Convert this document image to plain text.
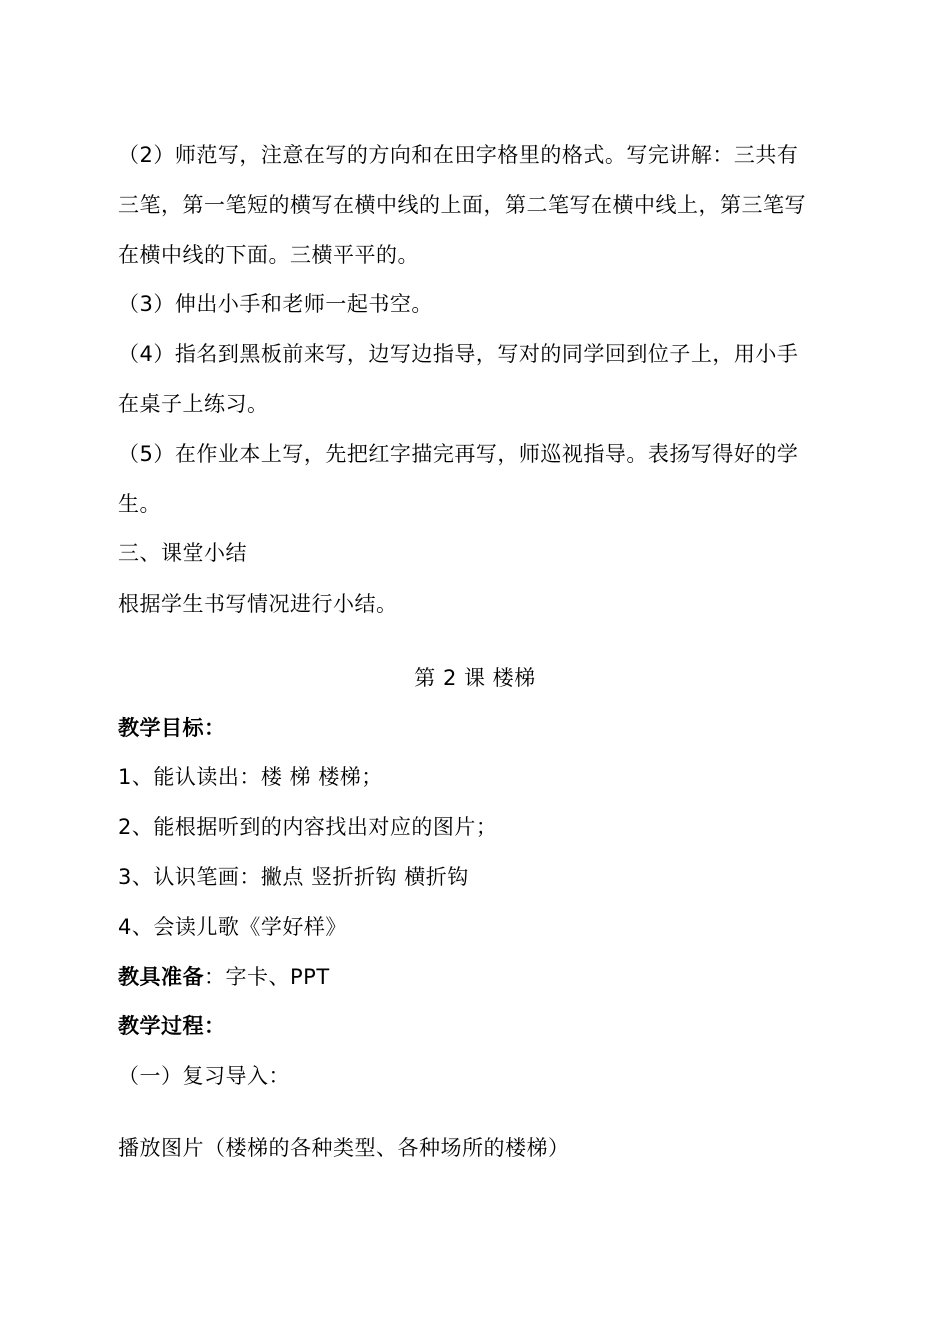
（2）师范写，注意在写的方向和在田字格里的格式。写完讲解：三共有
三笔，第一笔短的横写在横中线的上面，第二笔写在横中线上，第三笔写
在横中线的下面。三横平平的。
（3）伸出小手和老师一起书空。
（4）指名到黑板前来写，边写边指导，写对的同学回到位子上，用小手
在桌子上练习。
（5）在作业本上写，先把红字描完再写，师巡视指导。表扬写得好的学
生。
三、课堂小结
根据学生书写情况进行小结。
第 2 课 楼梯
教学目标：
1、能认读出：楼 梯 楼梯；
2、能根据听到的内容找出对应的图片；
3、认识笔画：撇点 竖折折钩 横折钩
4、会读儿歌《学好样》
教具准备：字卡、PPT
教学过程：
（一）复习导入：
播放图片（楼梯的各种类型、各种场所的楼梯）
